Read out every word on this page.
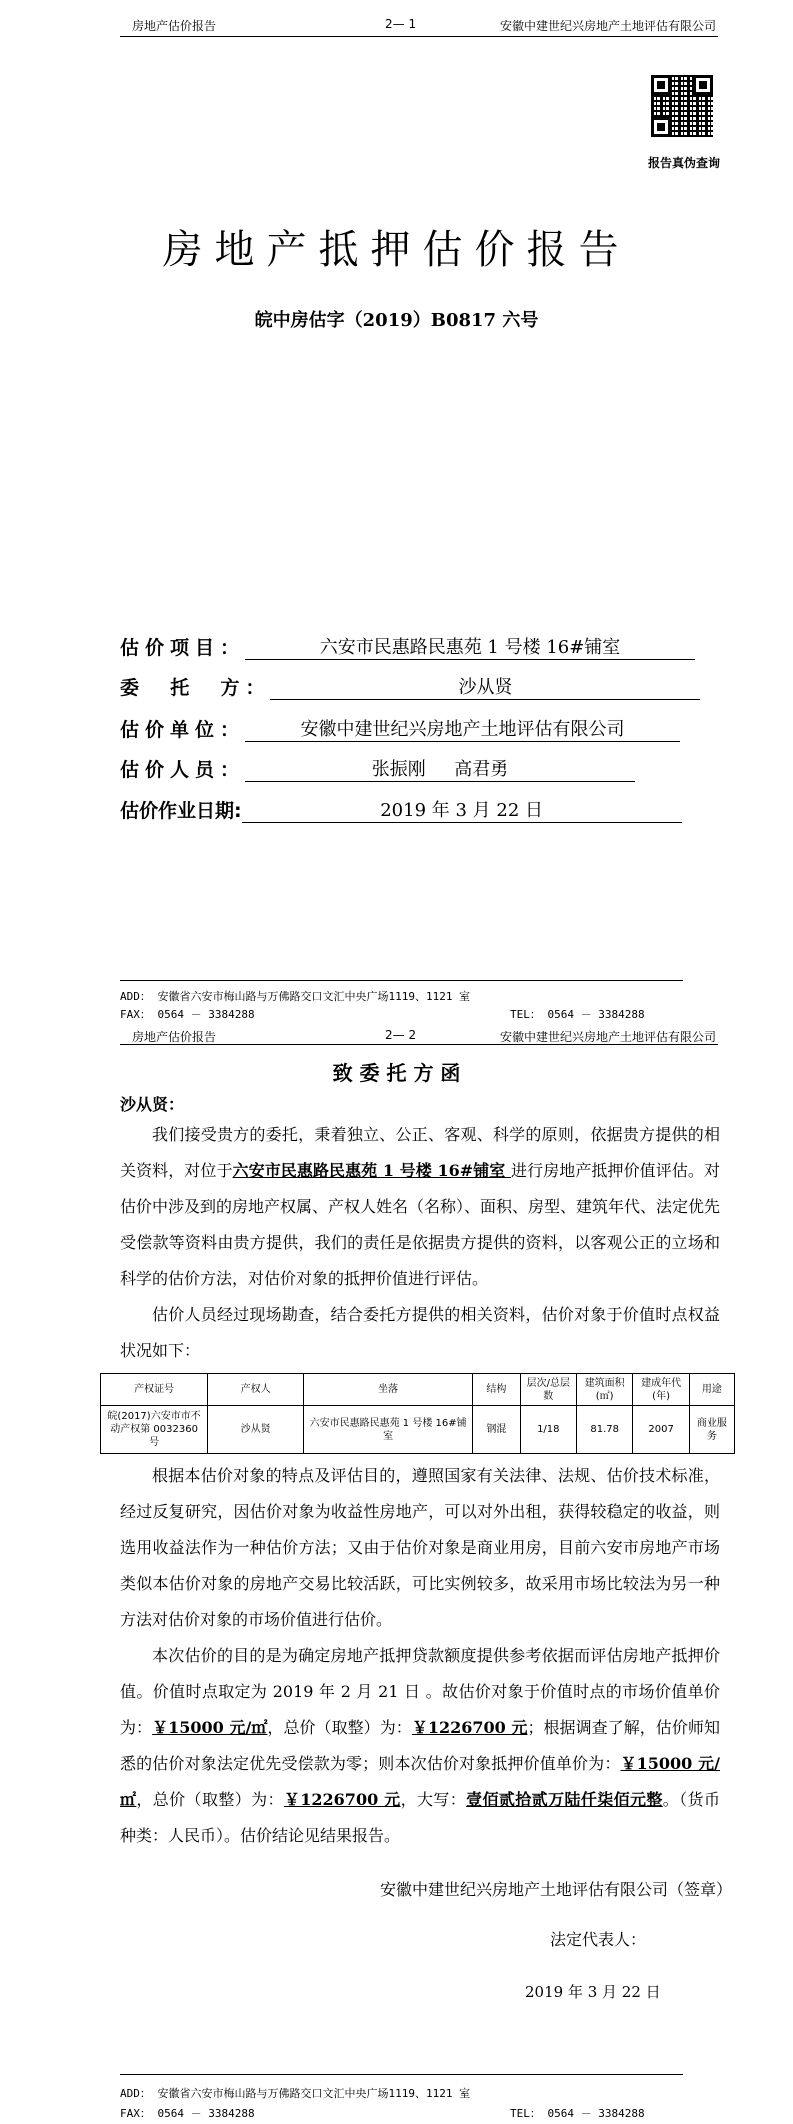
房地产估价报告	2— 1	安徽中建世纪兴房地产土地评估有限公司
报告真伪查询
房地产抵押估价报告
皖中房估字（2019）B0817 六号
估价项目：	六安市民惠路民惠苑 1 号楼 16#铺室
委  托  方：	沙从贤
估价单位：	安徽中建世纪兴房地产土地评估有限公司
估价人员：	张振刚     高君勇
估价作业日期:	2019 年 3 月 22 日
ADD： 安徽省六安市梅山路与万佛路交口文汇中央广场1119、1121 室
FAX： 0564 － 3384288	TEL： 0564 － 3384288
房地产估价报告	2— 2	安徽中建世纪兴房地产土地评估有限公司
致 委 托 方 函
沙从贤：

我们接受贵方的委托，秉着独立、公正、客观、科学的原则，依据贵方提供的相关资料，对位于六安市民惠路民惠苑 1 号楼 16#铺室 进行房地产抵押价值评估。对估价中涉及到的房地产权属、产权人姓名（名称）、面积、房型、建筑年代、法定优先受偿款等资料由贵方提供，我们的责任是依据贵方提供的资料，以客观公正的立场和科学的估价方法，对估价对象的抵押价值进行评估。

估价人员经过现场勘查，结合委托方提供的相关资料，估价对象于价值时点权益状况如下：

产权证号	产权人	坐落	结构	层次/总层数	建筑面积(㎡)	建成年代(年)	用途
皖(2017)六安市市不动产权第 0032360 号	沙从贤	六安市民惠路民惠苑 1 号楼 16#铺室	钢混	1/18	81.78	2007	商业服务

根据本估价对象的特点及评估目的，遵照国家有关法律、法规、估价技术标准，经过反复研究，因估价对象为收益性房地产，可以对外出租，获得较稳定的收益，则选用收益法作为一种估价方法；又由于估价对象是商业用房，目前六安市房地产市场类似本估价对象的房地产交易比较活跃，可比实例较多，故采用市场比较法为另一种方法对估价对象的市场价值进行估价。

本次估价的目的是为确定房地产抵押贷款额度提供参考依据而评估房地产抵押价值。价值时点取定为 2019 年 2 月 21 日 。故估价对象于价值时点的市场价值单价为：￥15000 元/㎡，总价（取整）为：￥1226700 元；根据调查了解，估价师知悉的估价对象法定优先受偿款为零；则本次估价对象抵押价值单价为：￥15000 元/㎡，总价（取整）为：￥1226700 元，大写：壹佰贰拾贰万陆仟柒佰元整。（货币种类：人民币）。估价结论见结果报告。

安徽中建世纪兴房地产土地评估有限公司（签章）
法定代表人：
2019 年 3 月 22 日
ADD： 安徽省六安市梅山路与万佛路交口文汇中央广场1119、1121 室
FAX： 0564 － 3384288	TEL： 0564 － 3384288
